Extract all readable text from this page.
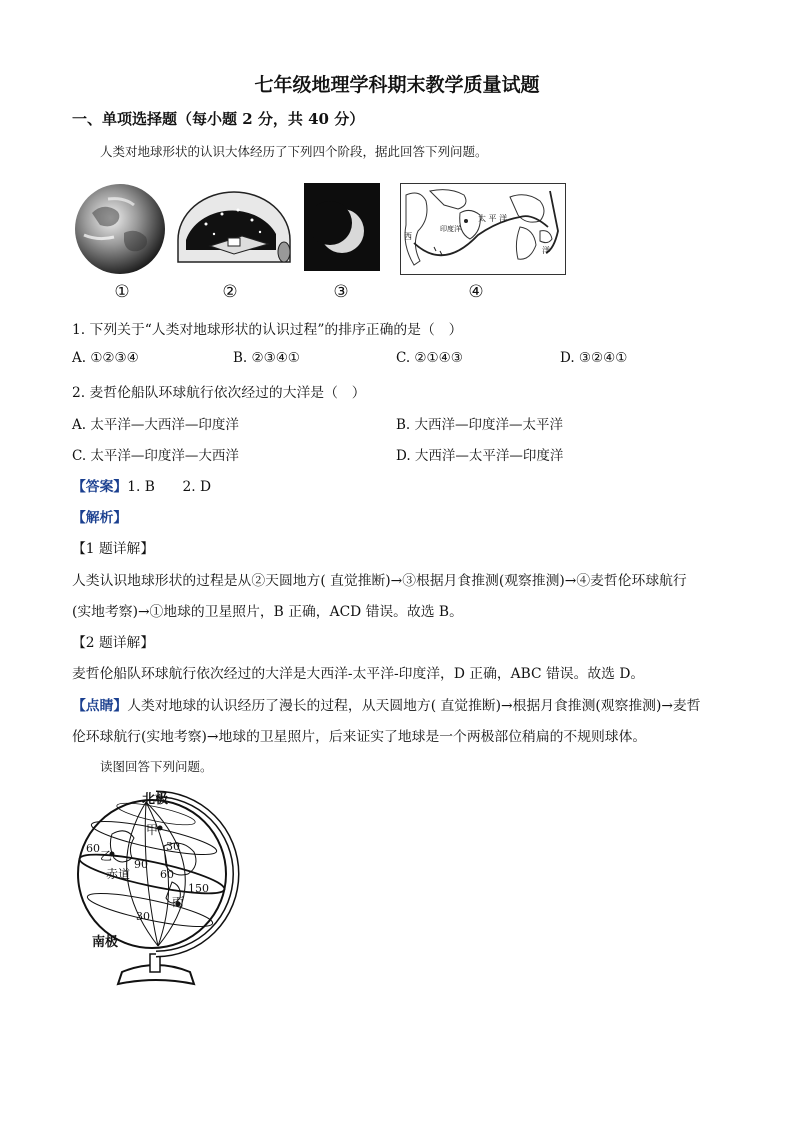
七年级地理学科期末教学质量试题
一、单项选择题（每小题 2 分，共 40 分）
人类对地球形状的认识大体经历了下列四个阶段，据此回答下列问题。
太 平 洋
印度洋
洋
西
①	②	③	④
1. 下列关于“人类对地球形状的认识过程”的排序正确的是（　）
A. ①②③④	B. ②③④①	C. ②①④③	D. ③②④①
2. 麦哲伦船队环球航行依次经过的大洋是（　）
A. 太平洋—大西洋—印度洋	B. 大西洋—印度洋—太平洋
C. 太平洋—印度洋—大西洋	D. 大西洋—太平洋—印度洋
【答案】1. B　　2. D
【解析】
【1 题详解】
人类认识地球形状的过程是从②天圆地方( 直觉推断)→③根据月食推测(观察推测)→④麦哲伦环球航行
(实地考察)→①地球的卫星照片，B 正确，ACD 错误。故选 B。
【2 题详解】
麦哲伦船队环球航行依次经过的大洋是大西洋-太平洋-印度洋，D 正确，ABC 错误。故选 D。
【点睛】人类对地球的认识经历了漫长的过程，从天圆地方( 直觉推断)→根据月食推测(观察推测)→麦哲
伦环球航行(实地考察)→地球的卫星照片，后来证实了地球是一个两极部位稍扁的不规则球体。
读图回答下列问题。
北极
南极
赤道
甲
乙
丙
30
30
90
150
60
60
